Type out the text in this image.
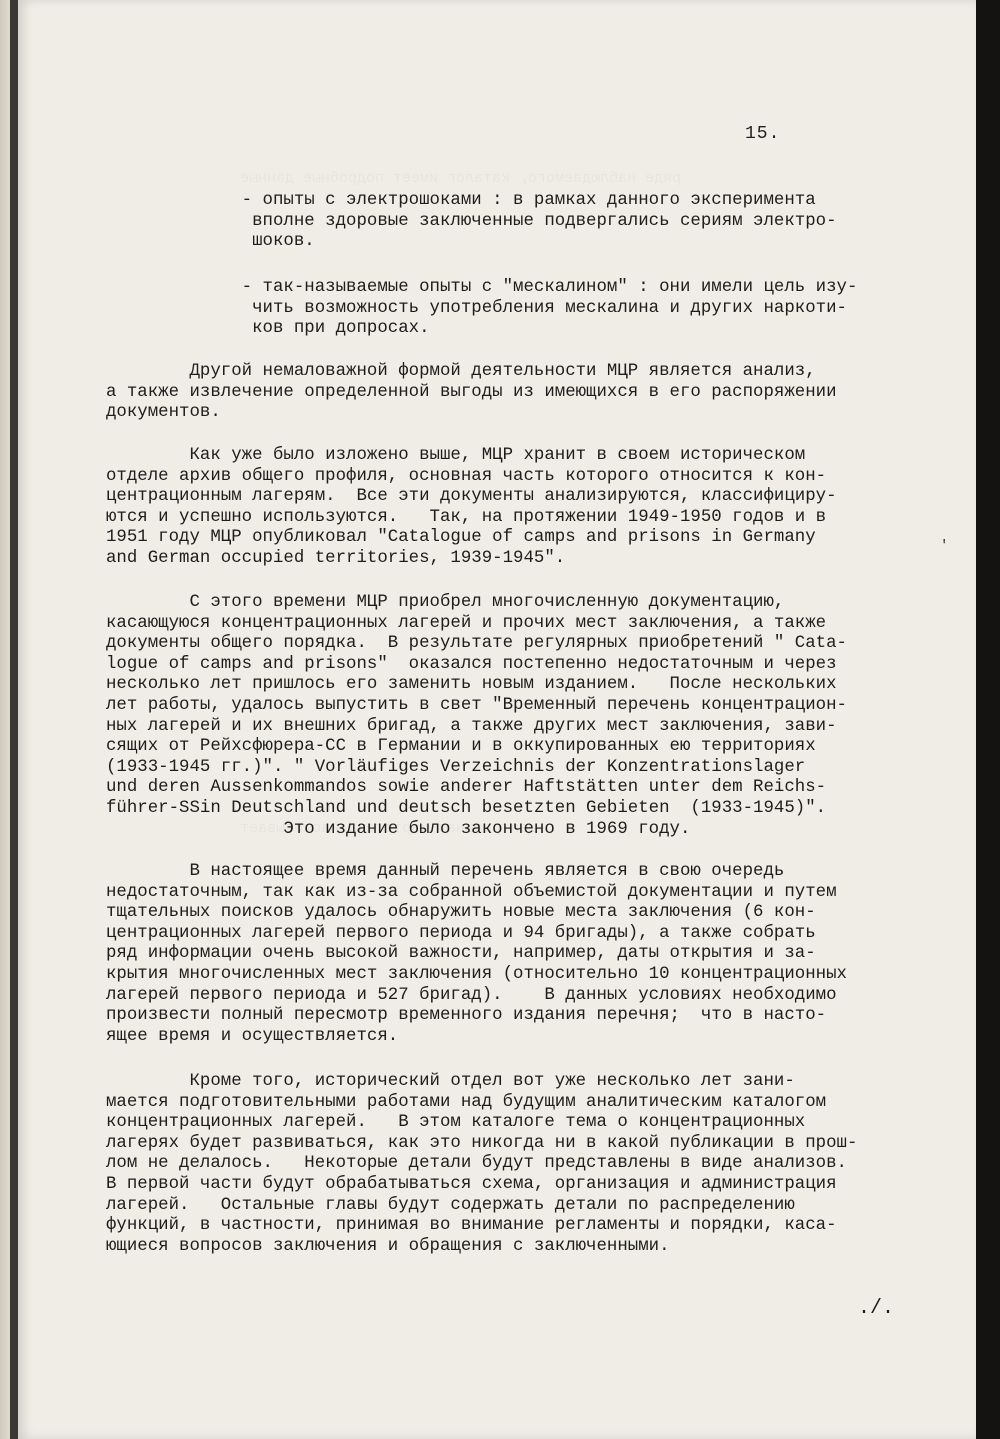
15.
- опыты с электрошоками : в рамках данного эксперимента
вполне здоровые заключенные подвергались сериям электро-
шоков.
- так-называемые опыты с "мескалином" : они имели цель изу-
чить возможность употребления мескалина и других наркоти-
ков при допросах.
Другой немаловажной формой деятельности МЦР является анализ,
а также извлечение определенной выгоды из имеющихся в его распоряжении
документов.
Как уже было изложено выше, МЦР хранит в своем историческом
отделе архив общего профиля, основная часть которого относится к кон-
центрационным лагерям.  Все эти документы анализируются, классифициру-
ются и успешно используются.   Так, на протяжении 1949-1950 годов и в
1951 году МЦР опубликовал "Catalogue of camps and prisons in Germany
and German occupied territories, 1939-1945".
'
С этого времени МЦР приобрел многочисленную документацию,
касающуюся концентрационных лагерей и прочих мест заключения, а также
документы общего порядка.  В результате регулярных приобретений " Cata-
logue of camps and prisons"  оказался постепенно недостаточным и через
несколько лет пришлось его заменить новым изданием.   После нескольких
лет работы, удалось выпустить в свет "Временный перечень концентрацион-
ных лагерей и их внешних бригад, а также других мест заключения, зави-
сящих от Рейхсфюрера-СС в Германии и в оккупированных ею территориях
(1933-1945 гг.)". " Vorläufiges Verzeichnis der Konzentrationslager
und deren Aussenkommandos sowie anderer Haftstätten unter dem Reichs-
führer-SSin Deutschland und deutsch besetzten Gebieten  (1933-1945)".
Это издание было закончено в 1969 году.
В настоящее время данный перечень является в свою очередь
недостаточным, так как из-за собранной объемистой документации и путем
тщательных поисков удалось обнаружить новые места заключения (6 кон-
центрационных лагерей первого периода и 94 бригады), а также собрать
ряд информации очень высокой важности, например, даты открытия и за-
крытия многочисленных мест заключения (относительно 10 концентрационных
лагерей первого периода и 527 бригад).    В данных условиях необходимо
произвести полный пересмотр временного издания перечня;  что в насто-
ящее время и осуществляется.
Кроме того, исторический отдел вот уже несколько лет зани-
мается подготовительными работами над будущим аналитическим каталогом
концентрационных лагерей.   В этом каталоге тема о концентрационных
лагерях будет развиваться, как это никогда ни в какой публикации в прош-
лом не делалось.   Некоторые детали будут представлены в виде анализов.
В первой части будут обрабатываться схема, организация и администрация
лагерей.   Остальные главы будут содержать детали по распределению
функций, в частности, принимая во внимание регламенты и порядки, каса-
ющиеся вопросов заключения и обращения с заключенными.
./.
